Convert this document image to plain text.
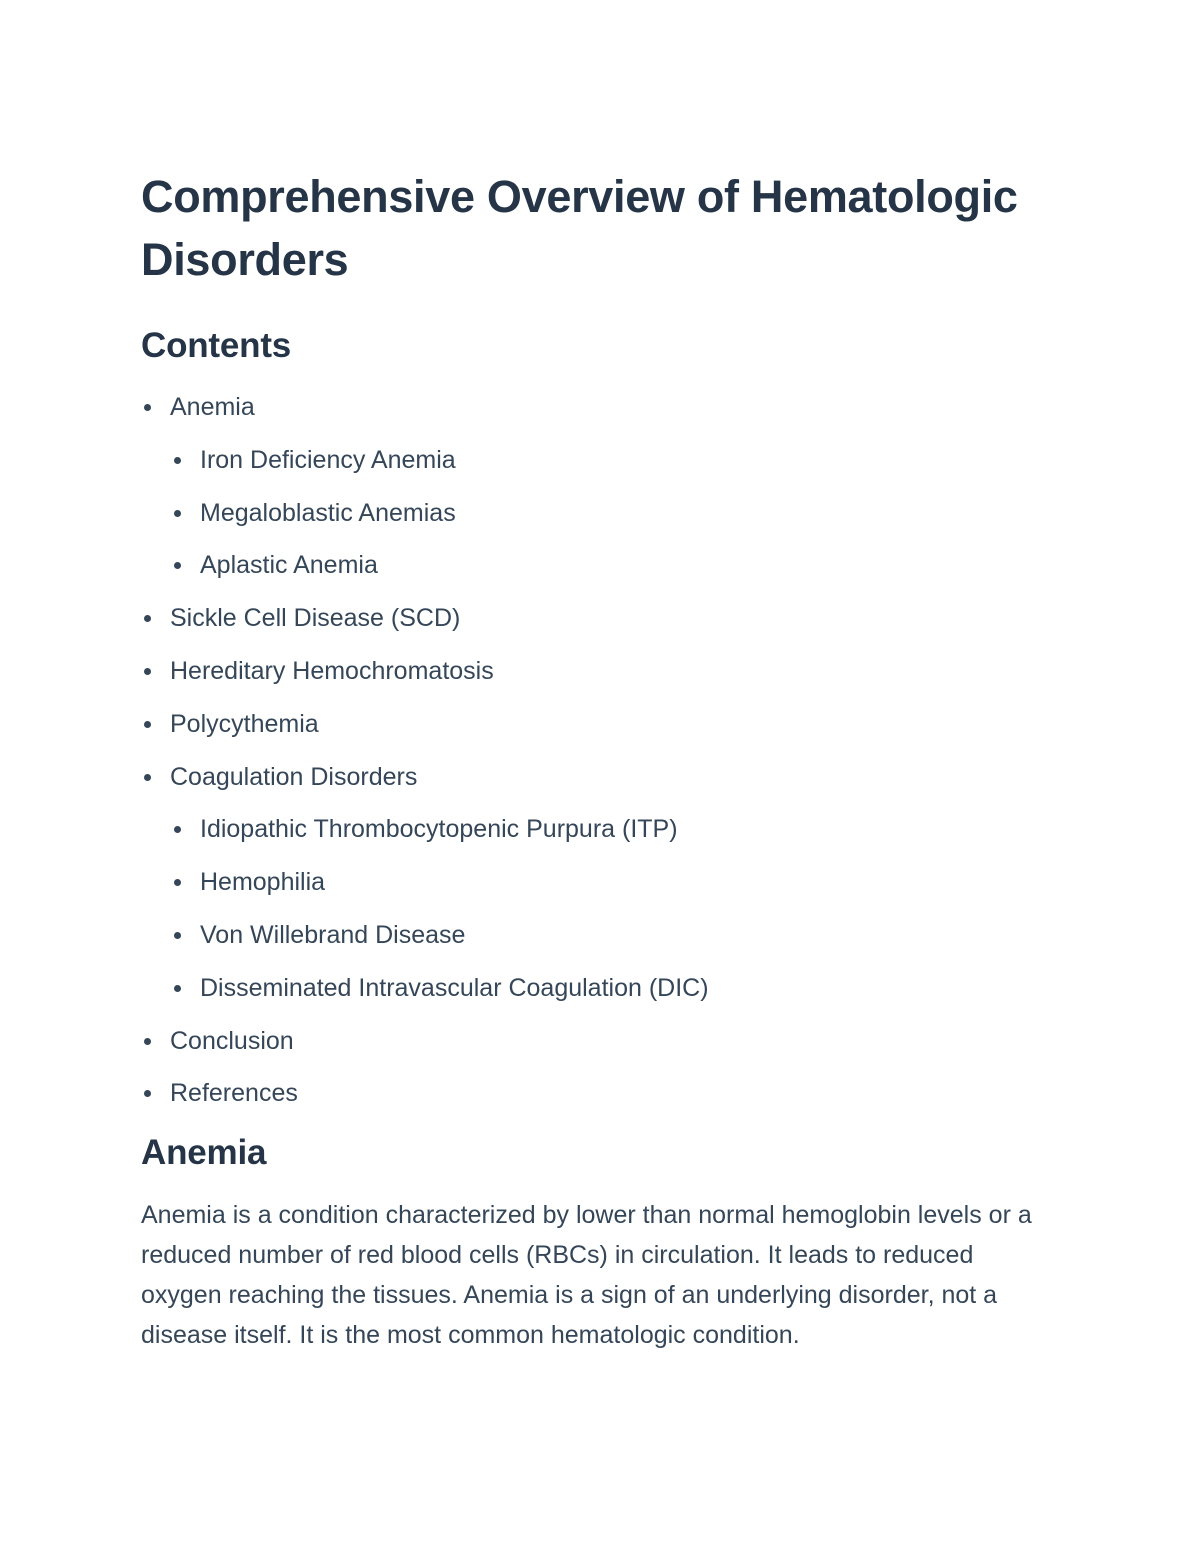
Comprehensive Overview of Hematologic Disorders
Contents
Anemia
Iron Deficiency Anemia
Megaloblastic Anemias
Aplastic Anemia
Sickle Cell Disease (SCD)
Hereditary Hemochromatosis
Polycythemia
Coagulation Disorders
Idiopathic Thrombocytopenic Purpura (ITP)
Hemophilia
Von Willebrand Disease
Disseminated Intravascular Coagulation (DIC)
Conclusion
References
Anemia

Anemia is a condition characterized by lower than normal hemoglobin levels or a reduced number of red blood cells (RBCs) in circulation. It leads to reduced oxygen reaching the tissues. Anemia is a sign of an underlying disorder, not a disease itself. It is the most common hematologic condition.
